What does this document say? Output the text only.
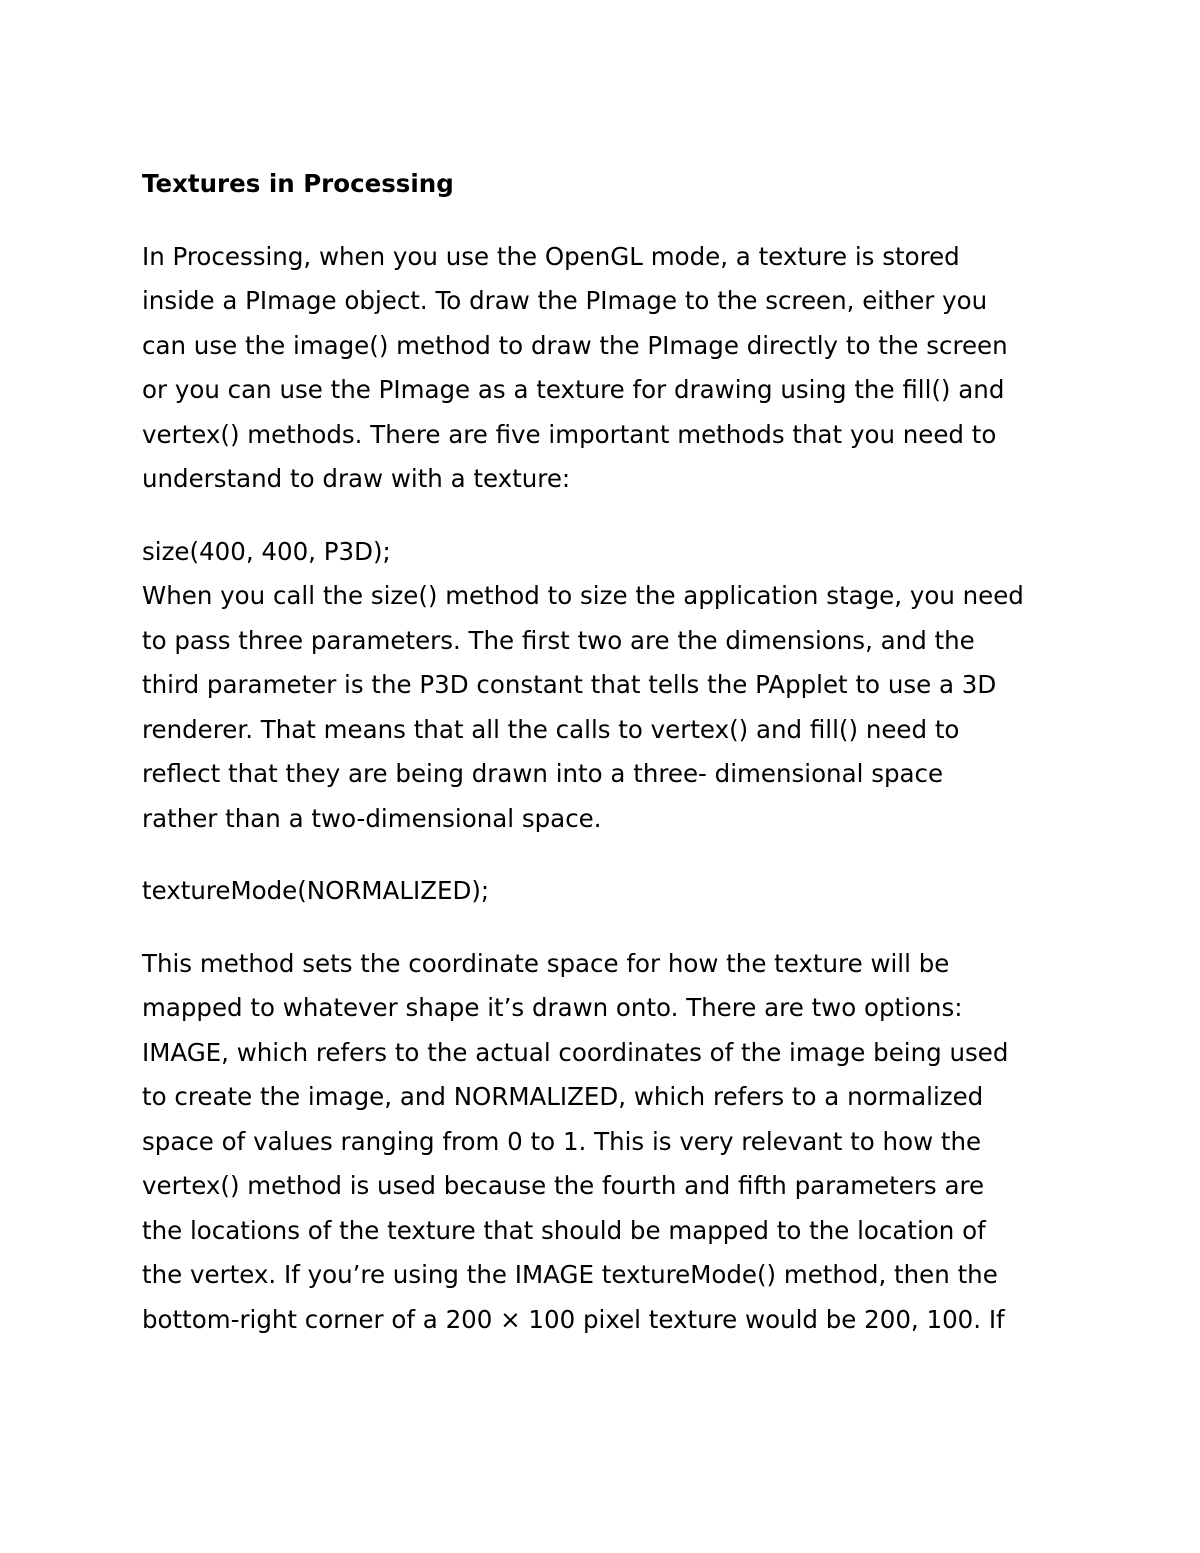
Textures in Processing
In Processing, when you use the OpenGL mode, a texture is stored
inside a PImage object. To draw the PImage to the screen, either you
can use the image() method to draw the PImage directly to the screen
or you can use the PImage as a texture for drawing using the fill() and
vertex() methods. There are five important methods that you need to
understand to draw with a texture:
size(400, 400, P3D);
When you call the size() method to size the application stage, you need
to pass three parameters. The first two are the dimensions, and the
third parameter is the P3D constant that tells the PApplet to use a 3D
renderer. That means that all the calls to vertex() and fill() need to
reflect that they are being drawn into a three- dimensional space
rather than a two-dimensional space.
textureMode(NORMALIZED);
This method sets the coordinate space for how the texture will be
mapped to whatever shape it’s drawn onto. There are two options:
IMAGE, which refers to the actual coordinates of the image being used
to create the image, and NORMALIZED, which refers to a normalized
space of values ranging from 0 to 1. This is very relevant to how the
vertex() method is used because the fourth and fifth parameters are
the locations of the texture that should be mapped to the location of
the vertex. If you’re using the IMAGE textureMode() method, then the
bottom-right corner of a 200 × 100 pixel texture would be 200, 100. If
